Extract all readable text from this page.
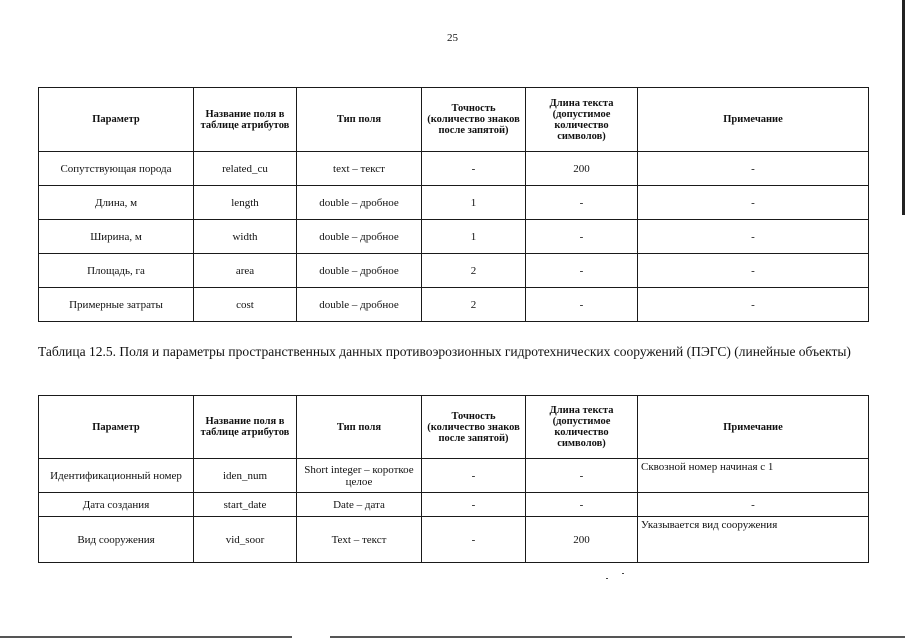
25
Параметр	Название поля в таблице атрибутов	Тип поля	Точность (количество знаков после запятой)	Длина текста (допустимое количество символов)	Примечание
Сопутствующая порода	related_cu	text – текст	-	200	-
Длина, м	length	double – дробное	1	-	-
Ширина, м	width	double – дробное	1	-	-
Площадь, га	area	double – дробное	2	-	-
Примерные затраты	cost	double – дробное	2	-	-
Таблица 12.5. Поля и параметры пространственных данных противоэрозионных гидротехнических сооружений (ПЭГС) (линейные объекты)
Параметр	Название поля в таблице атрибутов	Тип поля	Точность (количество знаков после запятой)	Длина текста (допустимое количество символов)	Примечание
Идентификационный номер	iden_num	Short integer – короткое целое	-	-	Сквозной номер начиная с 1
Дата создания	start_date	Date – дата	-	-	-
Вид сооружения	vid_soor	Text – текст	-	200	Указывается вид сооружения
